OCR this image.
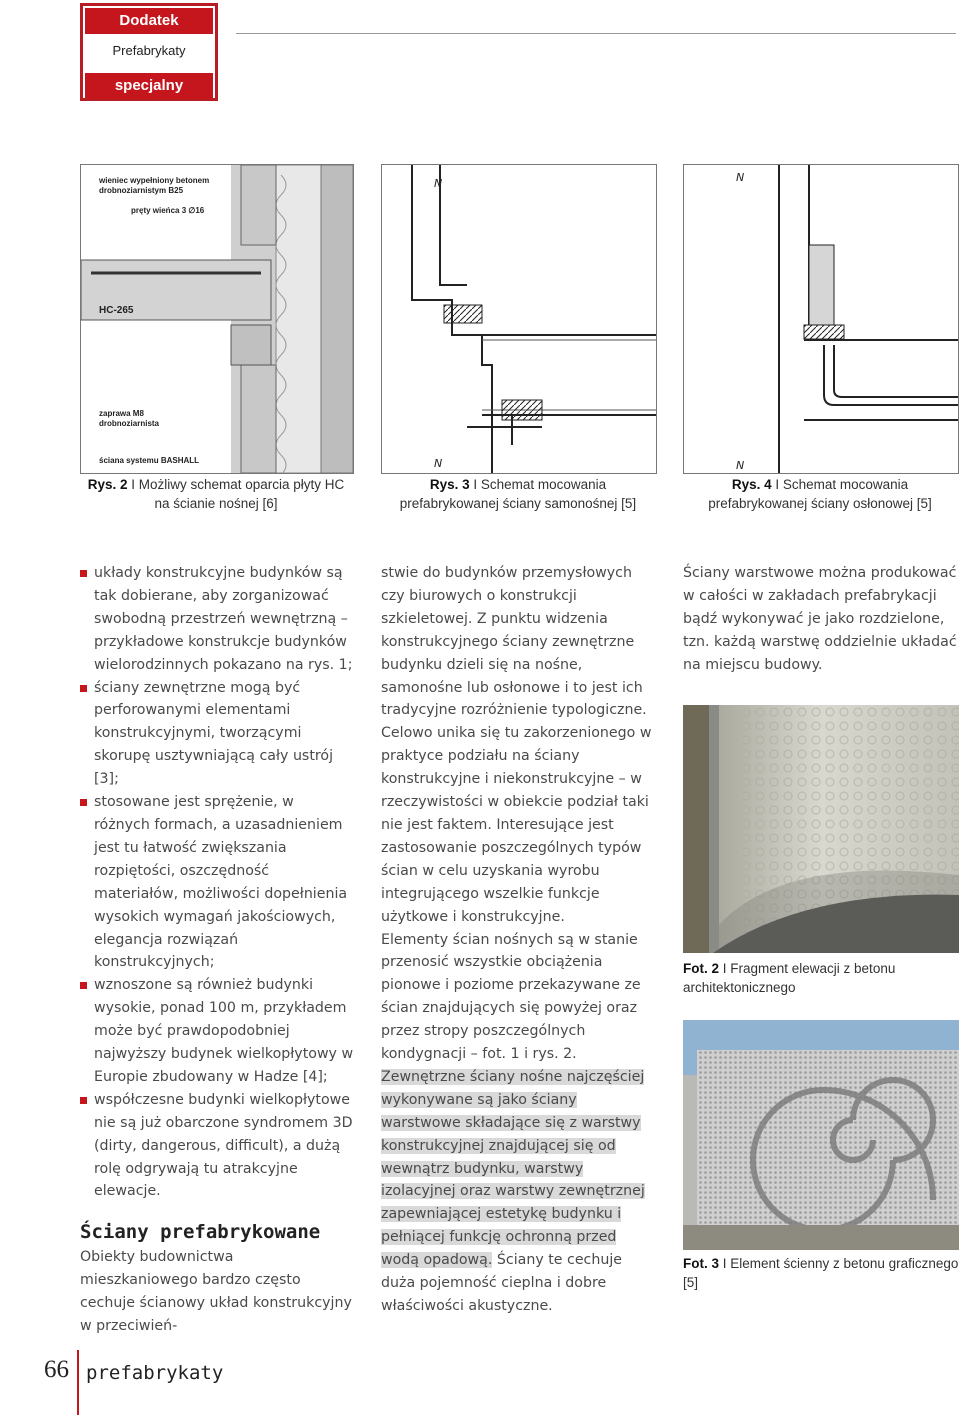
Dodatek
Prefabrykaty
specjalny
wieniec wypełniony betonem
drobnoziarnistym B25
pręty wieńca 3 ∅16
HC-265
zaprawa M8
drobnoziarnista
ściana systemu BASHALL
Rys. 2 I Możliwy schemat oparcia płyty HC na ścianie nośnej [6]
N
N
Rys. 3 I Schemat mocowania prefabrykowanej ściany samonośnej [5]
N
N
Rys. 4 I Schemat mocowania prefabrykowanej ściany osłonowej [5]

układy konstrukcyjne budynków są tak dobierane, aby zorganizować swobodną przestrzeń wewnętrzną – przykładowe konstrukcje budynków wielorodzinnych pokazano na rys. 1;

ściany zewnętrzne mogą być perforowanymi elementami konstrukcyjnymi, tworzącymi skorupę usztywniającą cały ustrój [3];

stosowane jest sprężenie, w różnych formach, a uzasadnieniem jest tu łatwość zwiększania rozpiętości, oszczędność materiałów, możliwości dopełnienia wysokich wymagań jakościowych, elegancja rozwiązań konstrukcyjnych;

wznoszone są również budynki wysokie, ponad 100 m, przykładem może być prawdopodobniej najwyższy budynek wielkopłytowy w Europie zbudowany w Hadze [4];

współczesne budynki wielkopłytowe nie są już obarczone syndromem 3D (dirty, dangerous, difficult), a dużą rolę odgrywają tu atrakcyjne elewacje.

Ściany prefabrykowane

Obiekty budownictwa mieszkaniowego bardzo często cechuje ścianowy układ konstrukcyjny w przeciwień-

stwie do budynków przemysłowych czy biurowych o konstrukcji szkieletowej. Z punktu widzenia konstrukcyjnego ściany zewnętrzne budynku dzieli się na nośne, samonośne lub osłonowe i to jest ich tradycyjne rozróżnienie typologiczne. Celowo unika się tu zakorzenionego w praktyce podziału na ściany konstrukcyjne i niekonstrukcyjne – w rzeczywistości w obiekcie podział taki nie jest faktem. Interesujące jest zastosowanie poszczególnych typów ścian w celu uzyskania wyrobu integrującego wszelkie funkcje użytkowe i konstrukcyjne.

Elementy ścian nośnych są w stanie przenosić wszystkie obciążenia pionowe i poziome przekazywane ze ścian znajdujących się powyżej oraz przez stropy poszczególnych kondygnacji – fot. 1 i rys. 2. Zewnętrzne ściany nośne najczęściej wykonywane są jako ściany warstwowe składające się z warstwy konstrukcyjnej znajdującej się od wewnątrz budynku, warstwy izolacyjnej oraz warstwy zewnętrznej zapewniającej estetykę budynku i pełniącej funkcję ochronną przed wodą opadową. Ściany te cechuje duża pojemność cieplna i dobre właściwości akustyczne.

Ściany warstwowe można produkować w całości w zakładach prefabrykacji bądź wykonywać je jako rozdzielone, tzn. każdą warstwę oddzielnie układać na miejscu budowy.

Fot. 2 I Fragment elewacji z betonu architektonicznego
Fot. 3 I Element ścienny z betonu graficznego [5]
66 prefabrykaty
